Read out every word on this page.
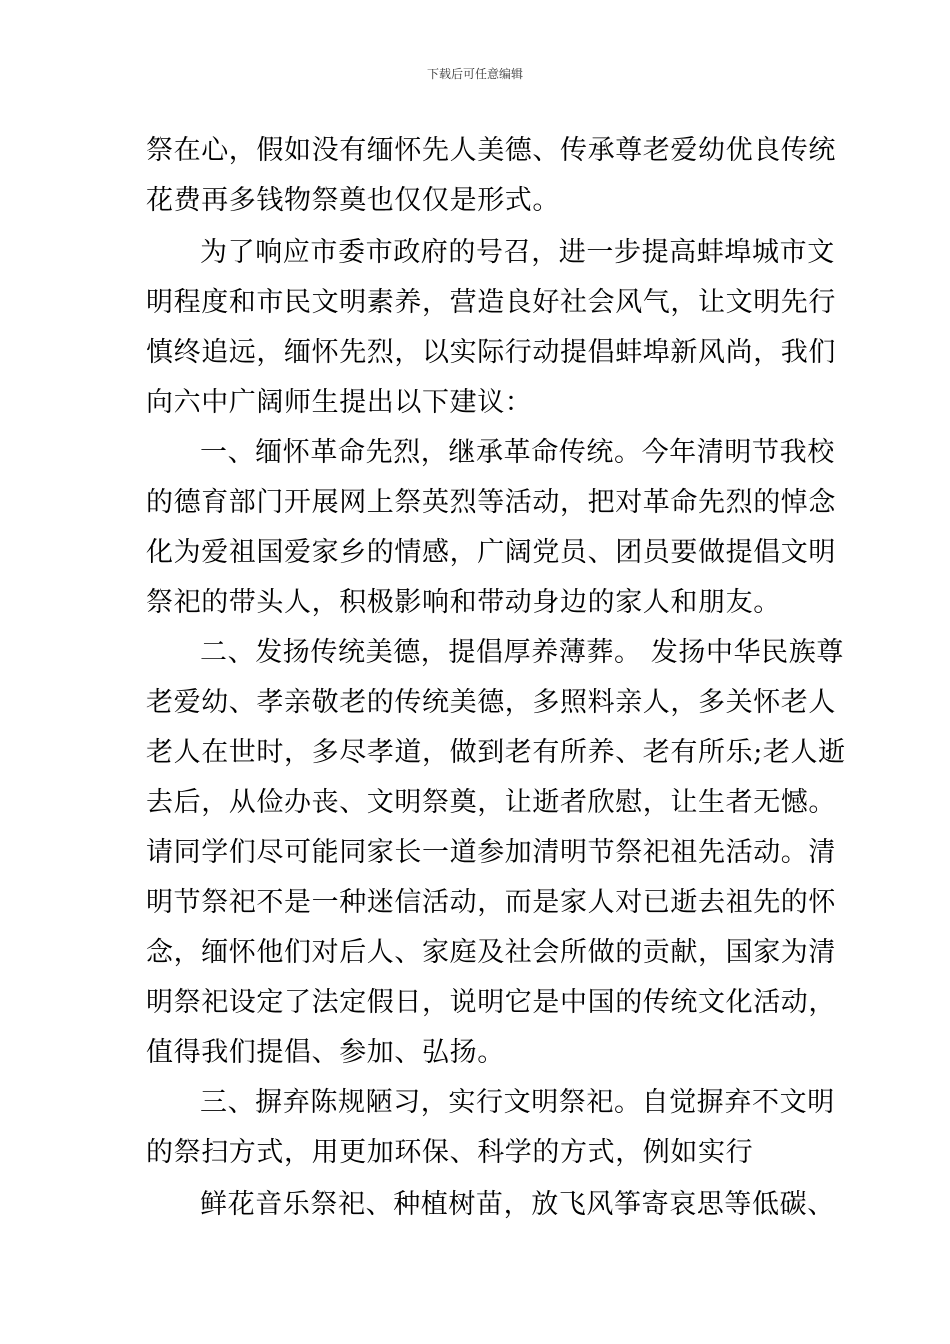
下载后可任意编辑
祭在心，假如没有缅怀先人美德、传承尊老爱幼优良传统
花费再多钱物祭奠也仅仅是形式。
为了响应市委市政府的号召，进一步提高蚌埠城市文
明程度和市民文明素养，营造良好社会风气，让文明先行
慎终追远，缅怀先烈，以实际行动提倡蚌埠新风尚，我们
向六中广阔师生提出以下建议：
一、缅怀革命先烈，继承革命传统。今年清明节我校
的德育部门开展网上祭英烈等活动，把对革命先烈的悼念
化为爱祖国爱家乡的情感，广阔党员、团员要做提倡文明
祭祀的带头人，积极影响和带动身边的家人和朋友。
二、发扬传统美德，提倡厚养薄葬。 发扬中华民族尊
老爱幼、孝亲敬老的传统美德，多照料亲人，多关怀老人
老人在世时，多尽孝道，做到老有所养、老有所乐;老人逝
去后，从俭办丧、文明祭奠，让逝者欣慰，让生者无憾。
请同学们尽可能同家长一道参加清明节祭祀祖先活动。清
明节祭祀不是一种迷信活动，而是家人对已逝去祖先的怀
念，缅怀他们对后人、家庭及社会所做的贡献，国家为清
明祭祀设定了法定假日，说明它是中国的传统文化活动，
值得我们提倡、参加、弘扬。
三、摒弃陈规陋习，实行文明祭祀。自觉摒弃不文明
的祭扫方式，用更加环保、科学的方式，例如实行
鲜花音乐祭祀、种植树苗，放飞风筝寄哀思等低碳、
